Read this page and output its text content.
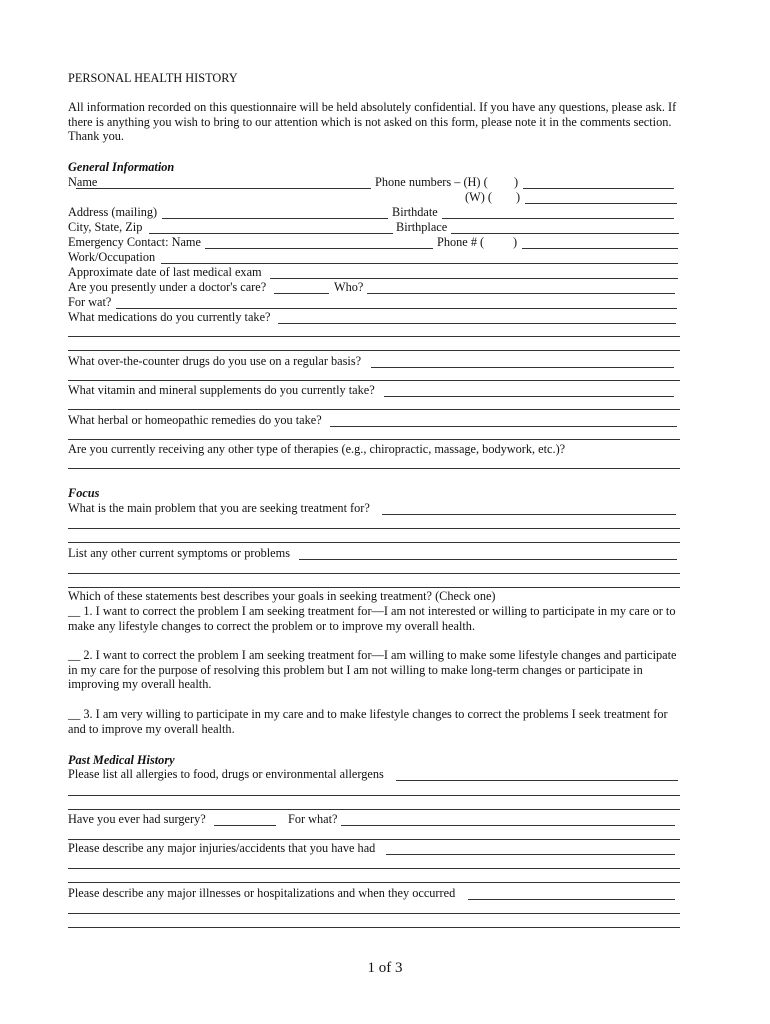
PERSONAL HEALTH HISTORY
All information recorded on this questionnaire will be held absolutely confidential. If you have any questions, please ask. If there is anything you wish to bring to our attention which is not asked on this form, please note it in the comments section. Thank you.
General Information
Name	Phone numbers – (H) ( )
(W) ( )
Address (mailing)	Birthdate
City, State, Zip	Birthplace
Emergency Contact: Name	Phone # ( )
Work/Occupation
Approximate date of last medical exam
Are you presently under a doctor's care?	Who?
For wat?
What medications do you currently take?
What over-the-counter drugs do you use on a regular basis?
What vitamin and mineral supplements do you currently take?
What herbal or homeopathic remedies do you take?
Are you currently receiving any other type of therapies (e.g., chiropractic, massage, bodywork, etc.)?
Focus
What is the main problem that you are seeking treatment for?
List any other current symptoms or problems
Which of these statements best describes your goals in seeking treatment? (Check one)
__ 1. I want to correct the problem I am seeking treatment for—I am not interested or willing to participate in my care or to make any lifestyle changes to correct the problem or to improve my overall health.
__ 2. I want to correct the problem I am seeking treatment for—I am willing to make some lifestyle changes and participate in my care for the purpose of resolving this problem but I am not willing to make long-term changes or participate in improving my overall health.
__ 3. I am very willing to participate in my care and to make lifestyle changes to correct the problems I seek treatment for and to improve my overall health.
Past Medical History
Please list all allergies to food, drugs or environmental allergens
Have you ever had surgery?	For what?
Please describe any major injuries/accidents that you have had
Please describe any major illnesses or hospitalizations and when they occurred
1 of 3
